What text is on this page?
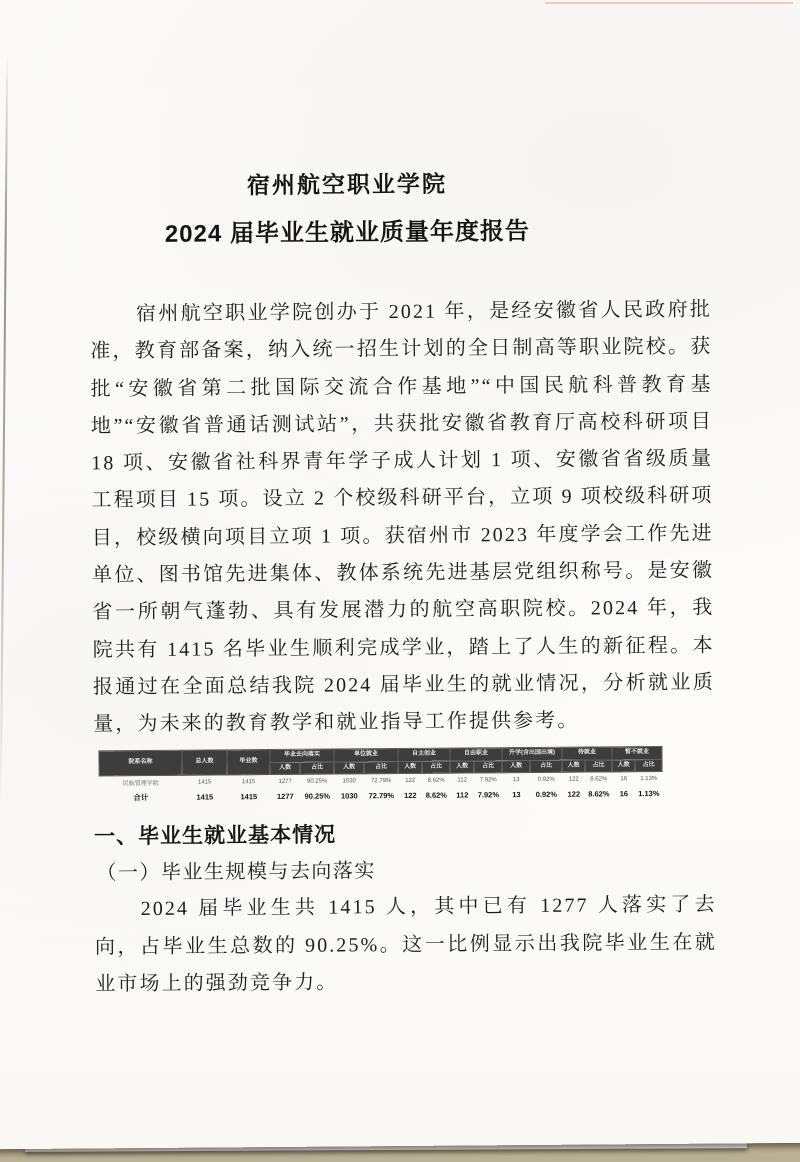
宿州航空职业学院
2024 届毕业生就业质量年度报告
宿州航空职业学院创办于 2021 年，是经安徽省人民政府批准，教育部备案，纳入统一招生计划的全日制高等职业院校。获批“安徽省第二批国际交流合作基地”“中国民航科普教育基地”“安徽省普通话测试站”，共获批安徽省教育厅高校科研项目 18 项、安徽省社科界青年学子成人计划 1 项、安徽省省级质量工程项目 15 项。设立 2 个校级科研平台，立项 9 项校级科研项目，校级横向项目立项 1 项。获宿州市 2023 年度学会工作先进单位、图书馆先进集体、教体系统先进基层党组织称号。是安徽省一所朝气蓬勃、具有发展潜力的航空高职院校。2024 年，我院共有 1415 名毕业生顺利完成学业，踏上了人生的新征程。本报通过在全面总结我院 2024 届毕业生的就业情况，分析就业质量，为未来的教育教学和就业指导工作提供参考。
院系名称	总人数	毕业数	毕业去向落实		单位就业		自主创业		自由职业		升学(含出国出境)		待就业		暂不就业	
			人数	占比	人数	占比	人数	占比	人数	占比	人数	占比	人数	占比	人数	占比
民航管理学院	1415	1415	1277	90.25%	1030	72.79%	122	8.62%	112	7.92%	13	0.92%	122	8.62%	16	1.13%
合计	1415	1415	1277	90.25%	1030	72.79%	122	8.62%	112	7.92%	13	0.92%	122	8.62%	16	1.13%
一、毕业生就业基本情况
（一）毕业生规模与去向落实
2024 届毕业生共 1415 人，其中已有 1277 人落实了去向，占毕业生总数的 90.25%。这一比例显示出我院毕业生在就业市场上的强劲竞争力。
